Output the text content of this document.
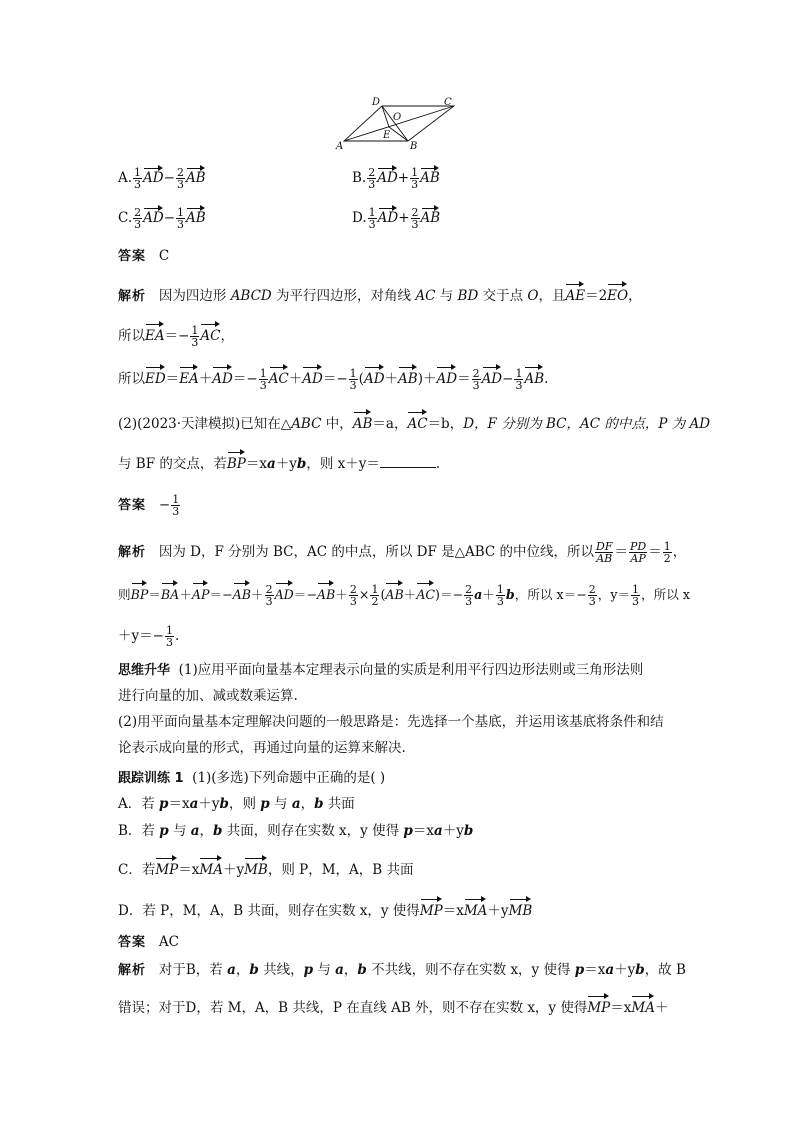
A	B
C
D
E
O
A. $\frac{1}{3} AD- \frac{2}{3}$ AB	B. $\frac{2}{3} AD+ \frac{1}{3}$ AB
C. $\frac{2}{3} AD- \frac{1}{3}$ AB	D. $\frac{1}{3} AD+ \frac{2}{3}$ AB
答案 C
解析 因为四边形 ABCD 为平行四边形，对角线 AC 与 BD 交于点 O，且AE＝2EO，
所以$EA=- \frac{1}{3}$ AC，
所以$ED=EA+AD=- \frac{1}{3} AC+AD=- \frac{1}{3} (AD+AB)+AD= \frac{2}{3} AD- \frac{1}{3}$ AB.
(2)(2023·天津模拟)已知在△ABC 中，AB＝a，AC＝b，D，F 分别为 BC，AC 的中点，P 为 AD
与 BF 的交点，若BP＝xa＋yb，则 x＋y＝	.
答案 − $\frac{1}{3}$
解析 因为 D，F 分别为 BC，AC 的中点，所以 DF 是△ABC 的中位线，所以 $\frac{DF}{AB} = \frac{PD}{AP} = \frac{1}{2}$ ，
则$BP=BA+AP=-AB+ \frac{2}{3} AD=-AB+ \frac{2}{3} \times \frac{1}{2} (AB+AC)=- \frac{2}{3} a+ \frac{1}{3}$ b，所以 $x=- \frac{2}{3}$ ，$y= \frac{1}{3}$ ，所以 x
$+y=- \frac{1}{3}$ .
思维升华 (1)应用平面向量基本定理表示向量的实质是利用平行四边形法则或三角形法则
进行向量的加、减或数乘运算.
(2)用平面向量基本定理解决问题的一般思路是：先选择一个基底，并运用该基底将条件和结
论表示成向量的形式，再通过向量的运算来解决.
跟踪训练 1 (1)(多选)下列命题中正确的是( )
A．若 p＝xa＋yb，则 p 与 a，b 共面
B．若 p 与 a，b 共面，则存在实数 x，y 使得 p＝xa＋yb
C．若MP＝xMA＋yMB，则 P，M，A，B 共面
D．若 P，M，A，B 共面，则存在实数 x，y 使得MP＝xMA＋yMB
答案 AC
解析 对于B，若 a，b 共线，p 与 a，b 不共线，则不存在实数 x，y 使得 p＝xa＋yb，故 B
错误；对于D，若 M，A，B 共线，P 在直线 AB 外，则不存在实数 x，y 使得MP＝xMA＋
